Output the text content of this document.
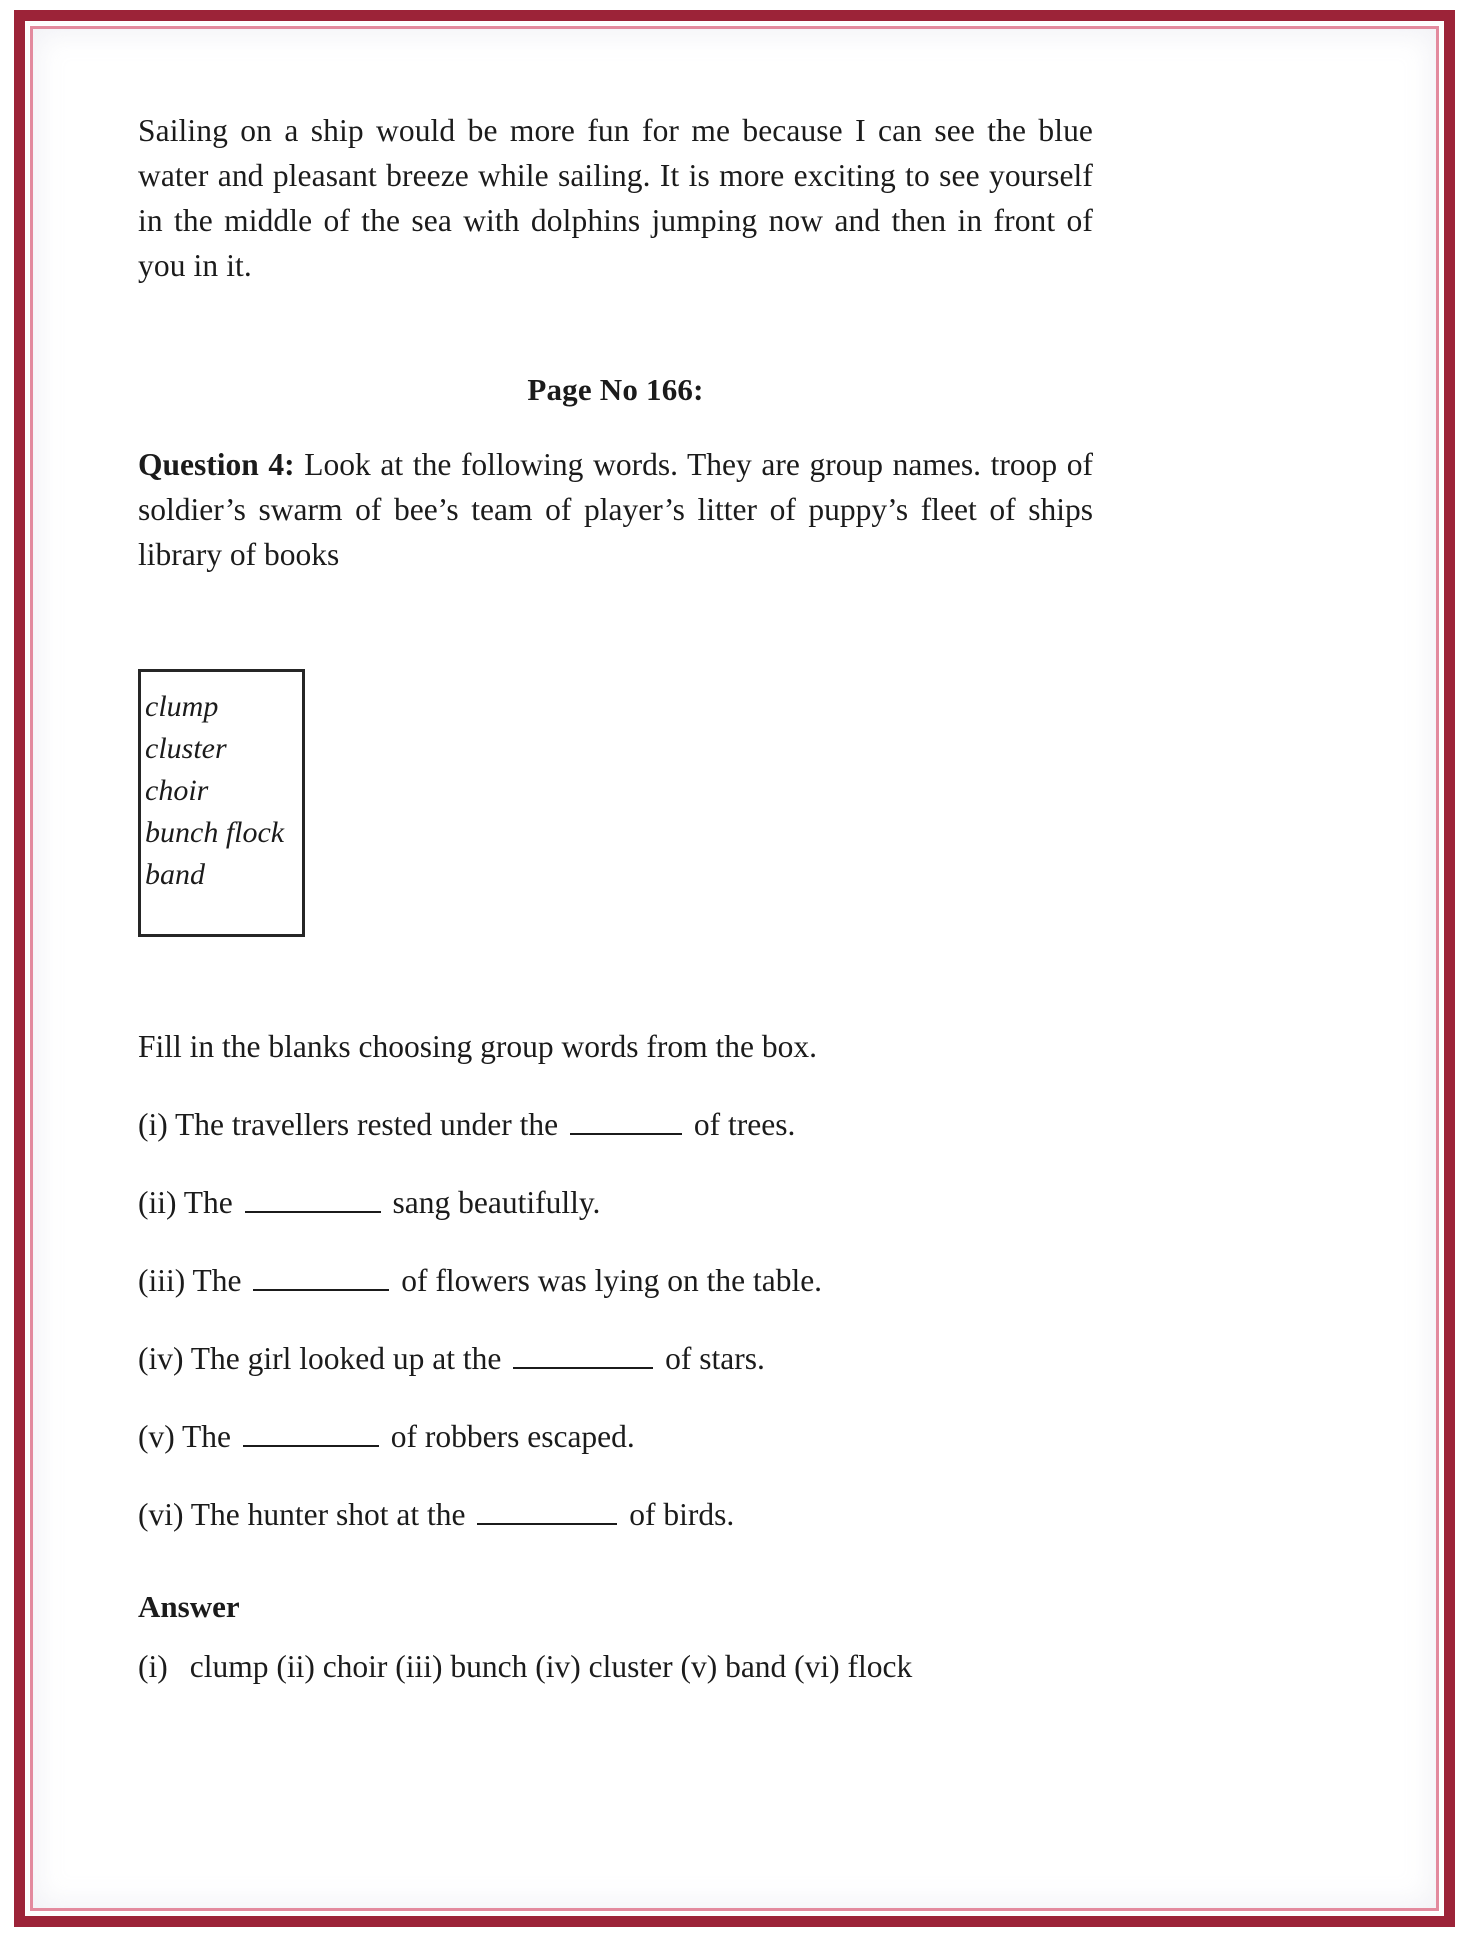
Sailing on a ship would be more fun for me because I can see the blue water and pleasant breeze while sailing. It is more exciting to see yourself in the middle of the sea with dolphins jumping now and then in front of you in it.

Page No 166:

Question 4: Look at the following words. They are group names. troop of soldier’s swarm of bee’s team of player’s litter of puppy’s fleet of ships library of books

clump
cluster
choir
bunch flock
band

Fill in the blanks choosing group words from the box.

(i) The travellers rested under the	of trees.

(ii) The	sang beautifully.

(iii) The	of flowers was lying on the table.

(iv) The girl looked up at the	of stars.

(v) The	of robbers escaped.

(vi) The hunter shot at the	of birds.

Answer

(i) clump (ii) choir (iii) bunch (iv) cluster (v) band (vi) flock
